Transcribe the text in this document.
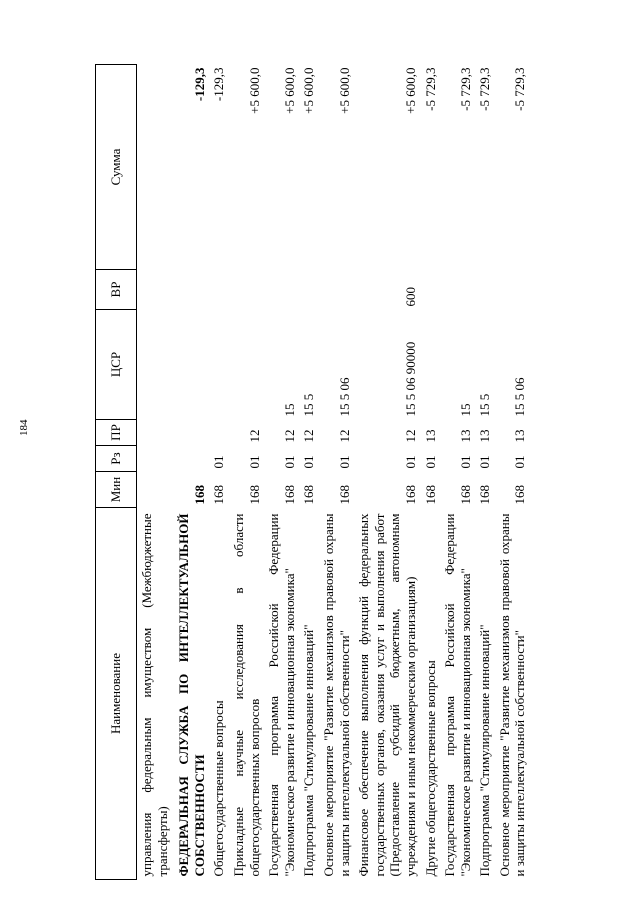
184
Наименование	Мин	Рз	ПР	ЦСР	ВР	Сумма
управления федеральным имуществом (Межбюджетные трансферты)						
ФЕДЕРАЛЬНАЯ СЛУЖБА ПО ИНТЕЛЛЕКТУАЛЬНОЙ СОБСТВЕННОСТИ	168					-129,3
Общегосударственные вопросы	168	01				-129,3
Прикладные научные исследования в области общегосударственных вопросов	168	01	12			+5 600,0
Государственная программа Российской Федерации "Экономическое развитие и инновационная экономика"	168	01	12	15		+5 600,0
Подпрограмма "Стимулирование инноваций"	168	01	12	15 5		+5 600,0
Основное мероприятие "Развитие механизмов правовой охраны и защиты интеллектуальной собственности"	168	01	12	15 5 06		+5 600,0
Финансовое обеспечение выполнения функций федеральных государственных органов, оказания услуг и выполнения работ (Предоставление субсидий бюджетным, автономным учреждениям и иным некоммерческим организациям)	168	01	12	15 5 06 90000	600	+5 600,0
Другие общегосударственные вопросы	168	01	13			-5 729,3
Государственная программа Российской Федерации "Экономическое развитие и инновационная экономика"	168	01	13	15		-5 729,3
Подпрограмма "Стимулирование инноваций"	168	01	13	15 5		-5 729,3
Основное мероприятие "Развитие механизмов правовой охраны и защиты интеллектуальной собственности"	168	01	13	15 5 06		-5 729,3
